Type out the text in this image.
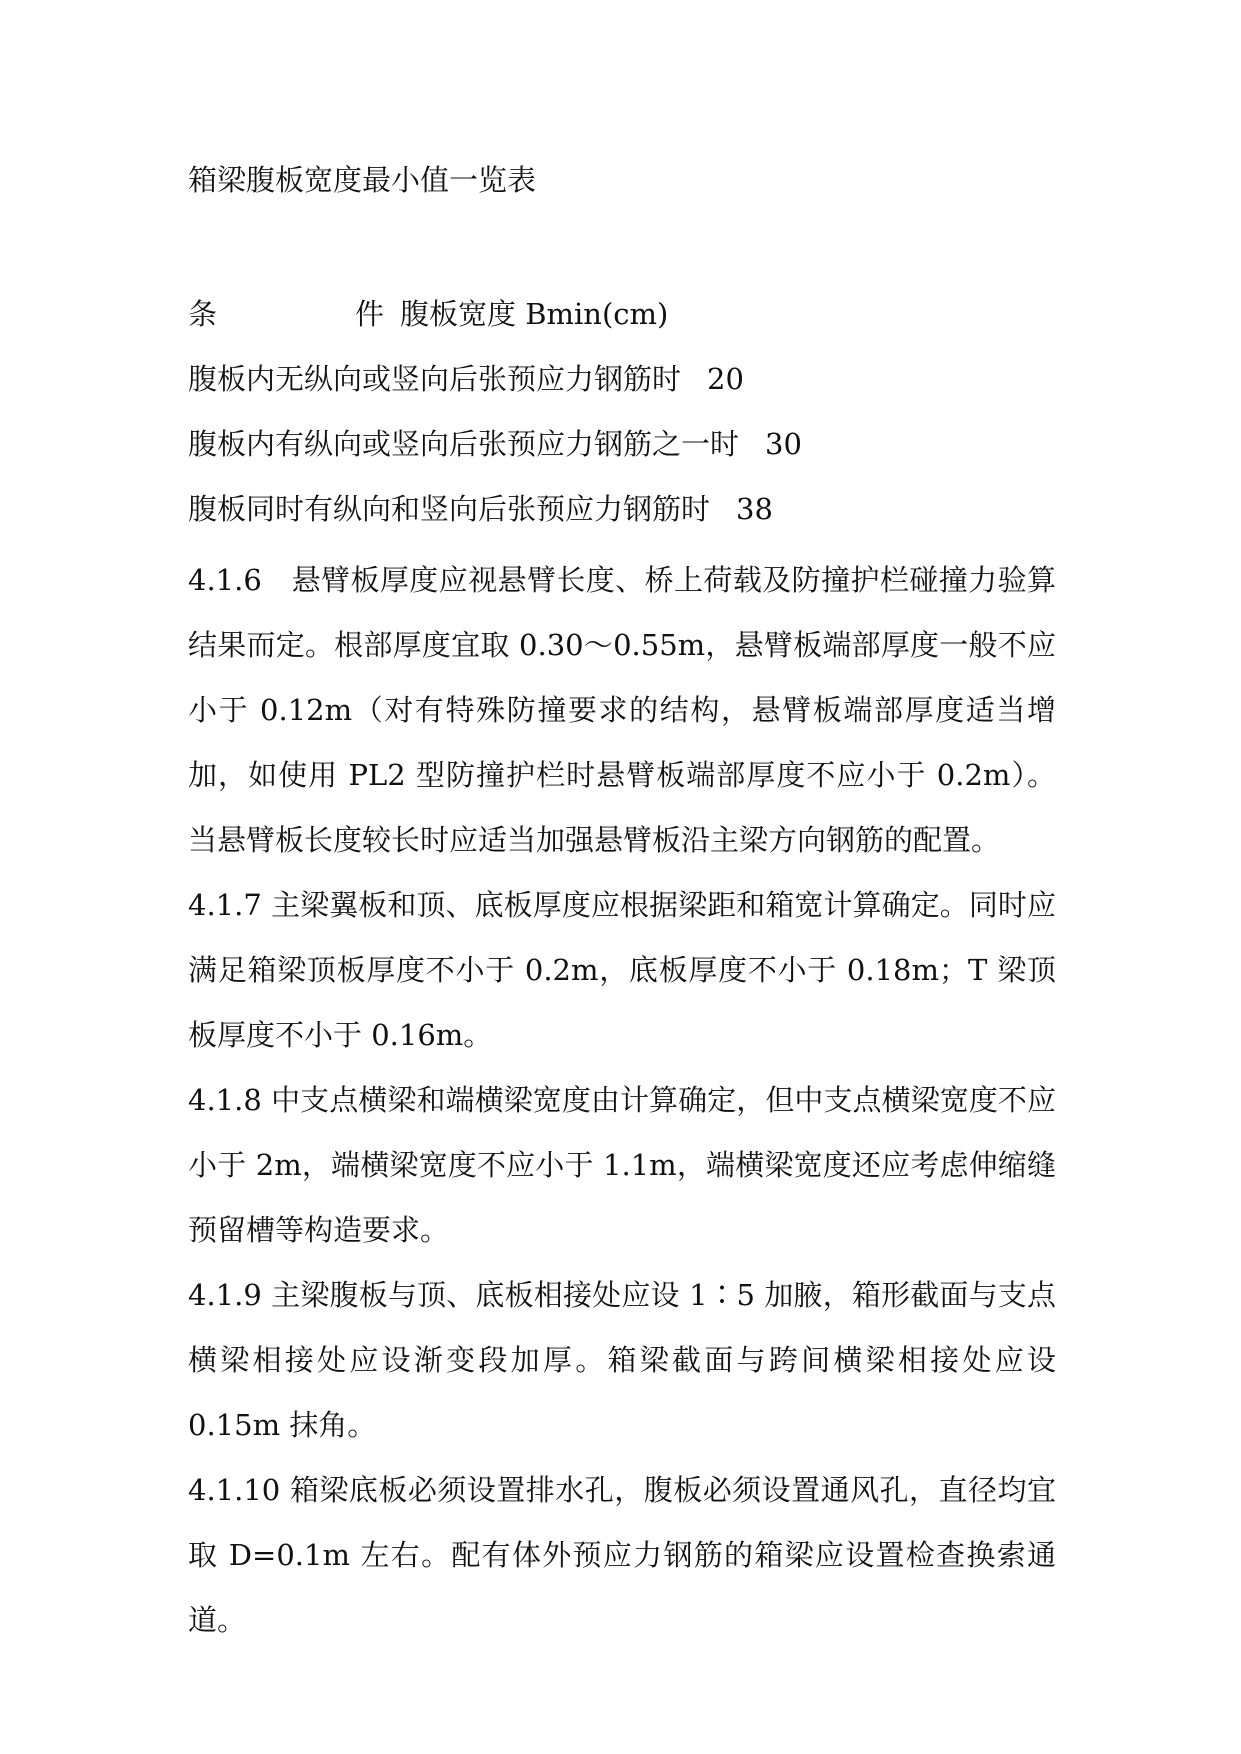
箱梁腹板宽度最小值一览表
条 件 腹板宽度 Bmin(cm)
腹板内无纵向或竖向后张预应力钢筋时 20
腹板内有纵向或竖向后张预应力钢筋之一时 30
腹板同时有纵向和竖向后张预应力钢筋时 38

4.1.6　悬臂板厚度应视悬臂长度、桥上荷载及防撞护栏碰撞力验算结果而定。根部厚度宜取 0.30～0.55m，悬臂板端部厚度一般不应小于 0.12m（对有特殊防撞要求的结构，悬臂板端部厚度适当增加，如使用 PL2 型防撞护栏时悬臂板端部厚度不应小于 0.2m）。当悬臂板长度较长时应适当加强悬臂板沿主梁方向钢筋的配置。

4.1.7 主梁翼板和顶、底板厚度应根据梁距和箱宽计算确定。同时应满足箱梁顶板厚度不小于 0.2m，底板厚度不小于 0.18m；T 梁顶板厚度不小于 0.16m。

4.1.8 中支点横梁和端横梁宽度由计算确定，但中支点横梁宽度不应小于 2m，端横梁宽度不应小于 1.1m，端横梁宽度还应考虑伸缩缝预留槽等构造要求。

4.1.9 主梁腹板与顶、底板相接处应设 1∶5 加腋，箱形截面与支点横梁相接处应设渐变段加厚。箱梁截面与跨间横梁相接处应设 0.15m 抹角。

4.1.10 箱梁底板必须设置排水孔，腹板必须设置通风孔，直径均宜取 D=0.1m 左右。配有体外预应力钢筋的箱梁应设置检查换索通道。
